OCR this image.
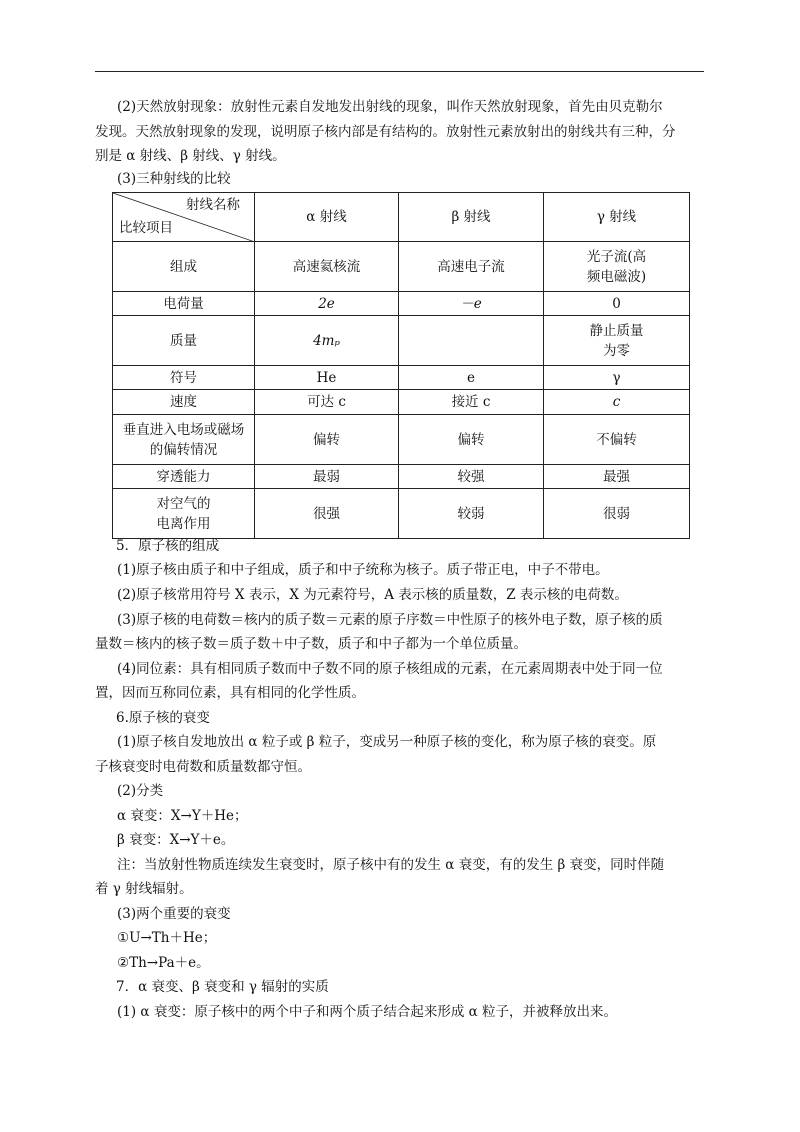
(2)天然放射现象：放射性元素自发地发出射线的现象，叫作天然放射现象，首先由贝克勒尔
发现。天然放射现象的发现，说明原子核内部是有结构的。放射性元素放射出的射线共有三种，分
别是 α 射线、β 射线、γ 射线。
(3)三种射线的比较
射线名称
比较项目	α 射线	β 射线	γ 射线
组成	高速氦核流	高速电子流	光子流(高
频电磁波)
电荷量	2e	－e	0
质量	4mₚ		静止质量
为零
符号	He	e	γ
速度	可达 c	接近 c	c
垂直进入电场或磁场
的偏转情况	偏转	偏转	不偏转
穿透能力	最弱	较强	最强
对空气的
电离作用	很强	较弱	很弱
5．原子核的组成
(1)原子核由质子和中子组成，质子和中子统称为核子。质子带正电，中子不带电。
(2)原子核常用符号 X 表示，X 为元素符号，A 表示核的质量数，Z 表示核的电荷数。
(3)原子核的电荷数＝核内的质子数＝元素的原子序数＝中性原子的核外电子数，原子核的质
量数＝核内的核子数＝质子数＋中子数，质子和中子都为一个单位质量。
(4)同位素：具有相同质子数而中子数不同的原子核组成的元素，在元素周期表中处于同一位
置，因而互称同位素，具有相同的化学性质。
6.原子核的衰变
(1)原子核自发地放出 α 粒子或 β 粒子，变成另一种原子核的变化，称为原子核的衰变。原
子核衰变时电荷数和质量数都守恒。
(2)分类
α 衰变：X→Y＋He；
β 衰变：X→Y＋e。
注：当放射性物质连续发生衰变时，原子核中有的发生 α 衰变，有的发生 β 衰变，同时伴随
着 γ 射线辐射。
(3)两个重要的衰变
①U→Th＋He；
②Th→Pa＋e。
7．α 衰变、β 衰变和 γ 辐射的实质
(1) α 衰变：原子核中的两个中子和两个质子结合起来形成 α 粒子，并被释放出来。
